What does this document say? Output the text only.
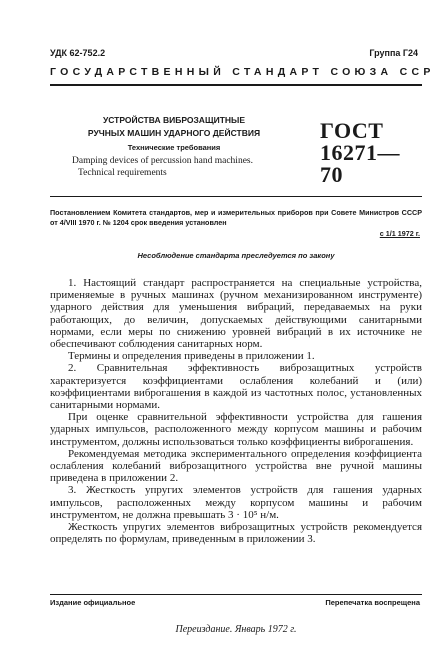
УДК 62-752.2	Группа Г24
ГОСУДАРСТВЕННЫЙ СТАНДАРТ СОЮЗА ССР
УСТРОЙСТВА ВИБРОЗАЩИТНЫЕ
РУЧНЫХ МАШИН УДАРНОГО ДЕЙСТВИЯ
Технические требования
Damping devices of percussion hand machines.
Technical requirements
ГОСТ
16271—70
Постановлением Комитета стандартов, мер и измерительных приборов при Совете Министров СССР от 4/VIII 1970 г. № 1204 срок введения установлен
с 1/1 1972 г.
Несоблюдение стандарта преследуется по закону

1. Настоящий стандарт распространяется на специальные устройства, применяемые в ручных машинах (ручном механизированном инструменте) ударного действия для уменьшения вибраций, передаваемых на руки работающих, до величин, допускаемых действующими санитарными нормами, если меры по снижению уровней вибраций в их источнике не обеспечивают соблюдения санитарных норм.

Термины и определения приведены в приложении 1.

2. Сравнительная эффективность виброзащитных устройств характеризуется коэффициентами ослабления колебаний и (или) коэффициентами виброгашения в каждой из частотных полос, установленных санитарными нормами.

При оценке сравнительной эффективности устройства для гашения ударных импульсов, расположенного между корпусом машины и рабочим инструментом, должны использоваться только коэффициенты виброгашения.

Рекомендуемая методика экспериментального определения коэффициента ослабления колебаний виброзащитного устройства вне ручной машины приведена в приложении 2.

3. Жесткость упругих элементов устройств для гашения ударных импульсов, расположенных между корпусом машины и рабочим инструментом, не должна превышать 3 · 10⁵ н/м.

Жесткость упругих элементов виброзащитных устройств рекомендуется определять по формулам, приведенным в приложении 3.

Издание официальное	Перепечатка воспрещена
Переиздание. Январь 1972 г.
